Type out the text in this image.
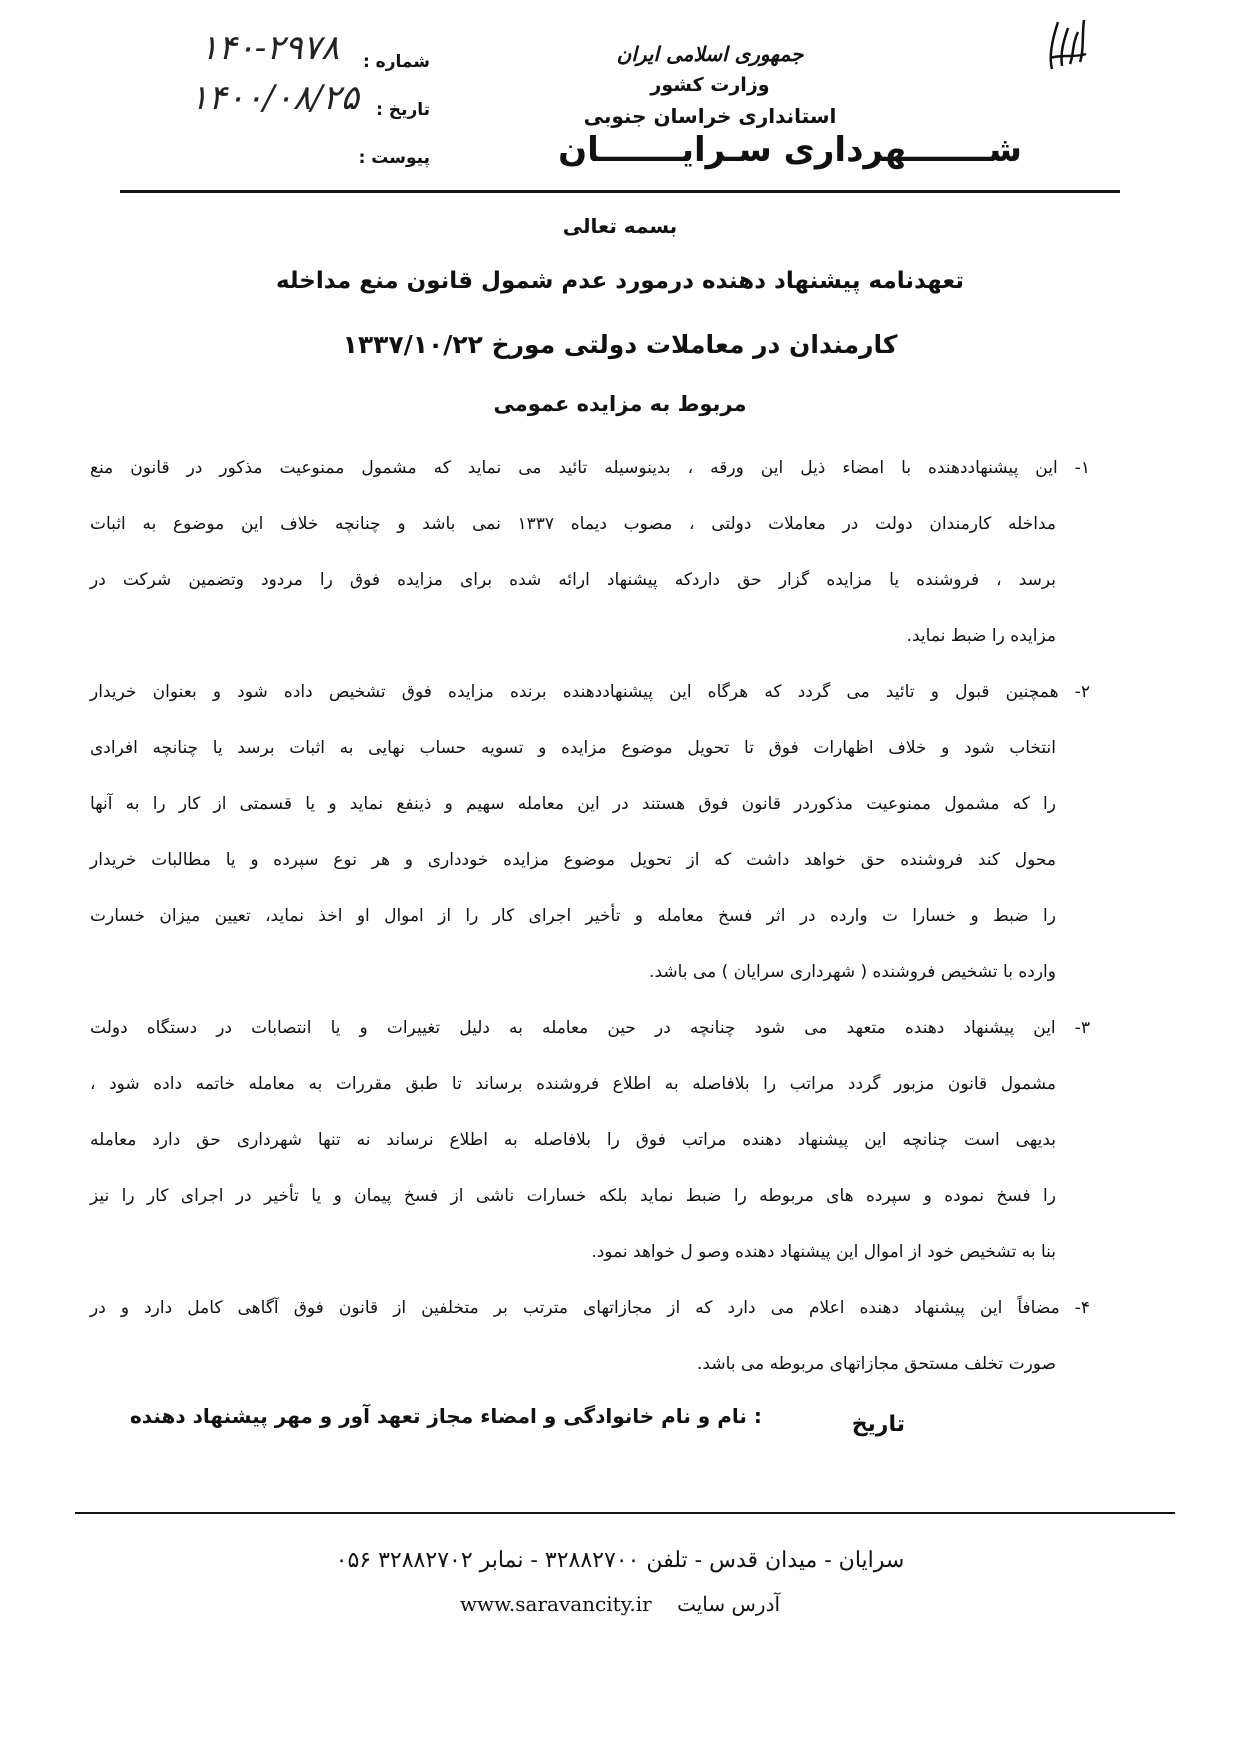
جمهوری اسلامی ایران
وزارت کشور
استانداری خراسان جنوبی
شـــــــهرداری سـرایـــــــان
شماره :
۱۴۰-۲۹۷۸
تاریخ :
۱۴۰۰/۰۸/۲۵
پیوست :
بسمه تعالی
تعهدنامه پیشنهاد دهنده درمورد عدم شمول قانون منع مداخله
کارمندان در معاملات دولتی مورخ ۱۳۳۷/۱۰/۲۲
مربوط به مزایده عمومی
۱- این پیشنهاددهنده با امضاء ذیل این ورقه ، بدینوسیله تائید می نماید که مشمول ممنوعیت مذکور در قانون منع
مداخله کارمندان دولت در معاملات دولتی ، مصوب دیماه ۱۳۳۷ نمی باشد و چنانچه خلاف این موضوع به اثبات
برسد ، فروشنده یا مزایده گزار حق داردکه پیشنهاد ارائه شده برای مزایده فوق را مردود وتضمین شرکت در
مزایده را ضبط نماید.
۲- همچنین قبول و تائید می گردد که هرگاه این پیشنهاددهنده برنده مزایده فوق تشخیص داده شود و بعنوان خریدار
انتخاب شود و خلاف اظهارات فوق تا تحویل موضوع مزایده و تسویه حساب نهایی به اثبات برسد یا چنانچه افرادی
را که مشمول ممنوعیت مذکوردر قانون فوق هستند در این معامله سهیم و ذینفع نماید و یا قسمتی از کار را به آنها
محول کند فروشنده حق خواهد داشت که از تحویل موضوع مزایده خودداری و هر نوع سپرده و یا مطالبات خریدار
را ضبط و خسارا ت وارده در اثر فسخ معامله و تأخیر اجرای کار را از اموال او اخذ نماید، تعیین میزان خسارت
وارده با تشخیص فروشنده ( شهرداری سرایان ) می باشد.
۳- این پیشنهاد دهنده متعهد می شود چنانچه در حین معامله به دلیل تغییرات و یا انتصابات در دستگاه دولت
مشمول قانون مزبور گردد مراتب را بلافاصله به اطلاع فروشنده برساند تا طبق مقررات به معامله خاتمه داده شود ،
بدیهی است چنانچه این پیشنهاد دهنده مراتب فوق را بلافاصله به اطلاع نرساند نه تنها شهرداری حق دارد معامله
را فسخ نموده و سپرده های مربوطه را ضبط نماید بلکه خسارات ناشی از فسخ پیمان و یا تأخیر در اجرای کار را نیز
بنا به تشخیص خود از اموال این پیشنهاد دهنده وصو ل خواهد نمود.
۴- مضافاً این پیشنهاد دهنده اعلام می دارد که از مجازاتهای مترتب بر متخلفین از قانون فوق آگاهی کامل دارد و در
صورت تخلف مستحق مجازاتهای مربوطه می باشد.
تاریخ
: نام و نام خانوادگی و امضاء مجاز تعهد آور و مهر پیشنهاد دهنده
سرایان - میدان قدس - تلفن ۳۲۸۸۲۷۰۰ - نمابر ۳۲۸۸۲۷۰۲ ۰۵۶
آدرس سایت    www.saravancity.ir
